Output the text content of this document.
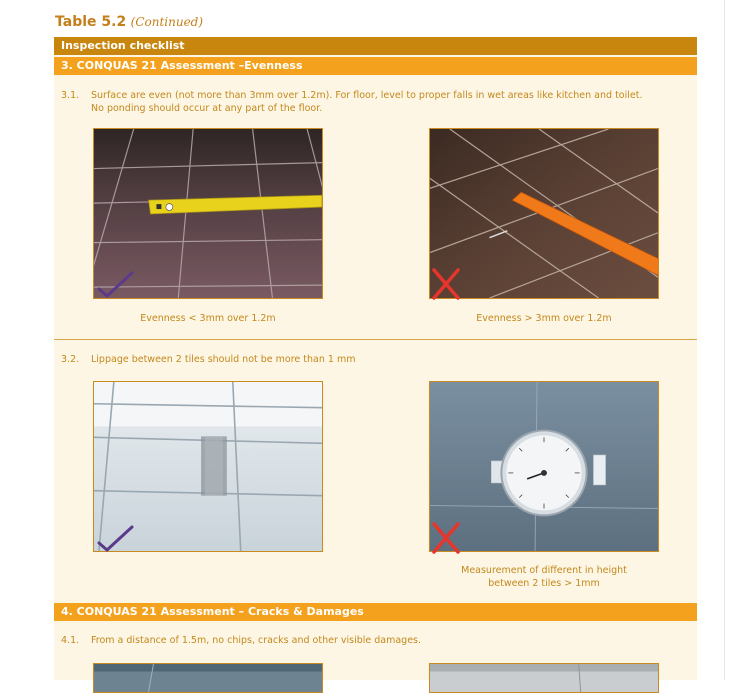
Table 5.2 (Continued)
Inspection checklist
3. CONQUAS 21 Assessment –Evenness
3.1. Surface are even (not more than 3mm over 1.2m). For floor, level to proper falls in wet areas like kitchen and toilet.
No ponding should occur at any part of the floor.
Evenness < 3mm over 1.2m	Evenness > 3mm over 1.2m
3.2. Lippage between 2 tiles should not be more than 1 mm
Measurement of different in height
between 2 tiles > 1mm
4. CONQUAS 21 Assessment – Cracks & Damages
4.1. From a distance of 1.5m, no chips, cracks and other visible damages.
